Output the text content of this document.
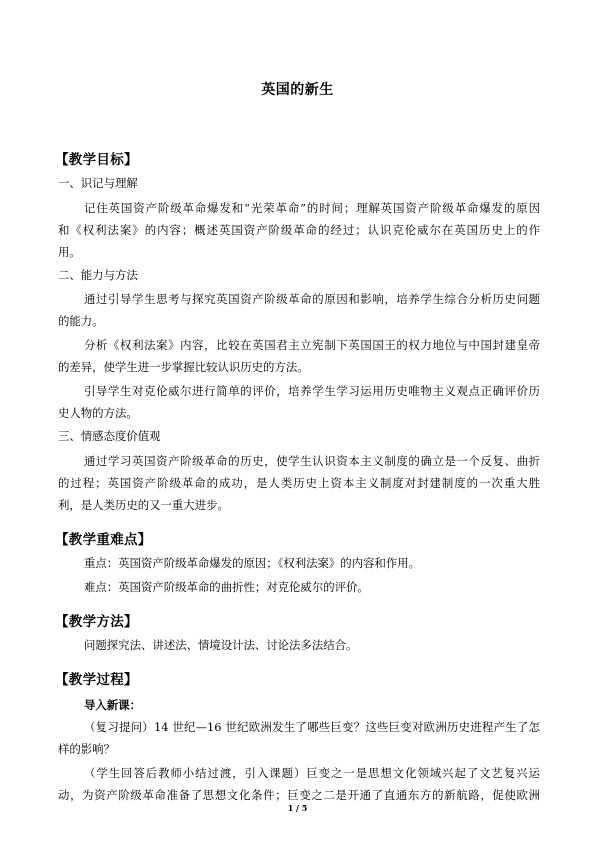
英国的新生
【教学目标】
一、识记与理解
记住英国资产阶级革命爆发和“光荣革命”的时间；理解英国资产阶级革命爆发的原因
和《权利法案》的内容；概述英国资产阶级革命的经过；认识克伦威尔在英国历史上的作
用。
二、能力与方法
通过引导学生思考与探究英国资产阶级革命的原因和影响，培养学生综合分析历史问题
的能力。
分析《权利法案》内容，比较在英国君主立宪制下英国国王的权力地位与中国封建皇帝
的差异，使学生进一步掌握比较认识历史的方法。
引导学生对克伦威尔进行简单的评价，培养学生学习运用历史唯物主义观点正确评价历
史人物的方法。
三、情感态度价值观
通过学习英国资产阶级革命的历史，使学生认识资本主义制度的确立是一个反复、曲折
的过程；英国资产阶级革命的成功，是人类历史上资本主义制度对封建制度的一次重大胜
利，是人类历史的又一重大进步。
【教学重难点】
重点：英国资产阶级革命爆发的原因；《权利法案》的内容和作用。
难点：英国资产阶级革命的曲折性；对克伦威尔的评价。
【教学方法】
问题探究法、讲述法、情境设计法、讨论法多法结合。
【教学过程】
导入新课：
（复习提问）14 世纪—16 世纪欧洲发生了哪些巨变？这些巨变对欧洲历史进程产生了怎
样的影响？
（学生回答后教师小结过渡，引入课题）巨变之一是思想文化领域兴起了文艺复兴运
动，为资产阶级革命准备了思想文化条件；巨变之二是开通了直通东方的新航路，促使欧洲
1 / 5
